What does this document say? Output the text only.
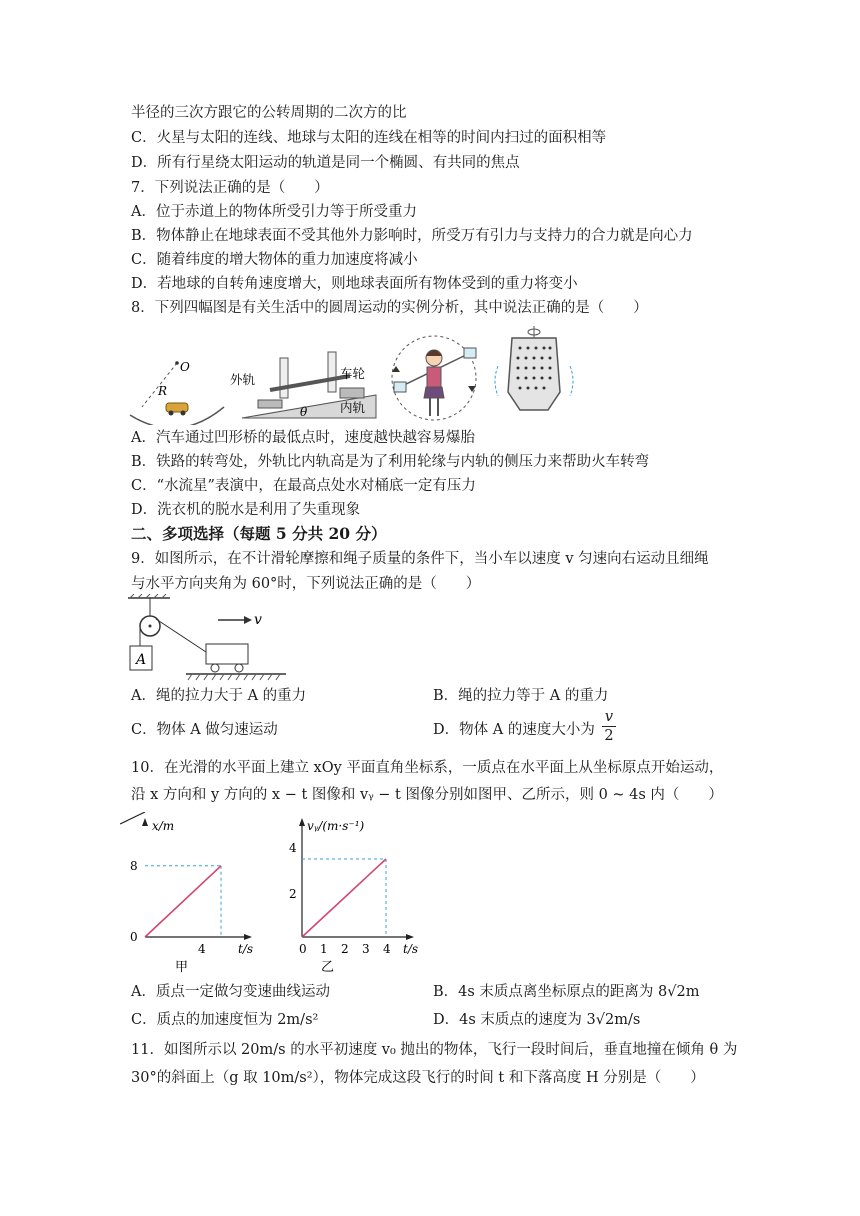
半径的三次方跟它的公转周期的二次方的比
C．火星与太阳的连线、地球与太阳的连线在相等的时间内扫过的面积相等
D．所有行星绕太阳运动的轨道是同一个椭圆、有共同的焦点
7．下列说法正确的是（　　）
A．位于赤道上的物体所受引力等于所受重力
B．物体静止在地球表面不受其他外力影响时，所受万有引力与支持力的合力就是向心力
C．随着纬度的增大物体的重力加速度将减小
D．若地球的自转角速度增大，则地球表面所有物体受到的重力将变小
8．下列四幅图是有关生活中的圆周运动的实例分析，其中说法正确的是（　　）
O
R
外轨	车轮
内轨
θ
A．汽车通过凹形桥的最低点时，速度越快越容易爆胎
B．铁路的转弯处，外轨比内轨高是为了利用轮缘与内轨的侧压力来帮助火车转弯
C．“水流星”表演中，在最高点处水对桶底一定有压力
D．洗衣机的脱水是利用了失重现象
二、多项选择（每题 5 分共 20 分）
9．如图所示，在不计滑轮摩擦和绳子质量的条件下，当小车以速度 v 匀速向右运动且细绳
与水平方向夹角为 60°时，下列说法正确的是（　　）
A
v
A．绳的拉力大于 A 的重力	B．绳的拉力等于 A 的重力
C．物体 A 做匀速运动	D．物体 A 的速度大小为 $\frac{v}{2}$
10．在光滑的水平面上建立 xOy 平面直角坐标系，一质点在水平面上从坐标原点开始运动，
沿 x 方向和 y 方向的 x − t 图像和 vᵧ − t 图像分别如图甲、乙所示，则 0 ~ 4s 内（　　）
x/m
t/s
8
0
4
甲
vᵧ/(m·s⁻¹)
t/s
4
2
0 1 2 3 4
乙
A．质点一定做匀变速曲线运动	B．4s 末质点离坐标原点的距离为 8√2m
C．质点的加速度恒为 2m/s²	D．4s 末质点的速度为 3√2m/s
11．如图所示以 20m/s 的水平初速度 v₀ 抛出的物体，飞行一段时间后，垂直地撞在倾角 θ 为
30°的斜面上（g 取 10m/s²），物体完成这段飞行的时间 t 和下落高度 H 分别是（　　）
